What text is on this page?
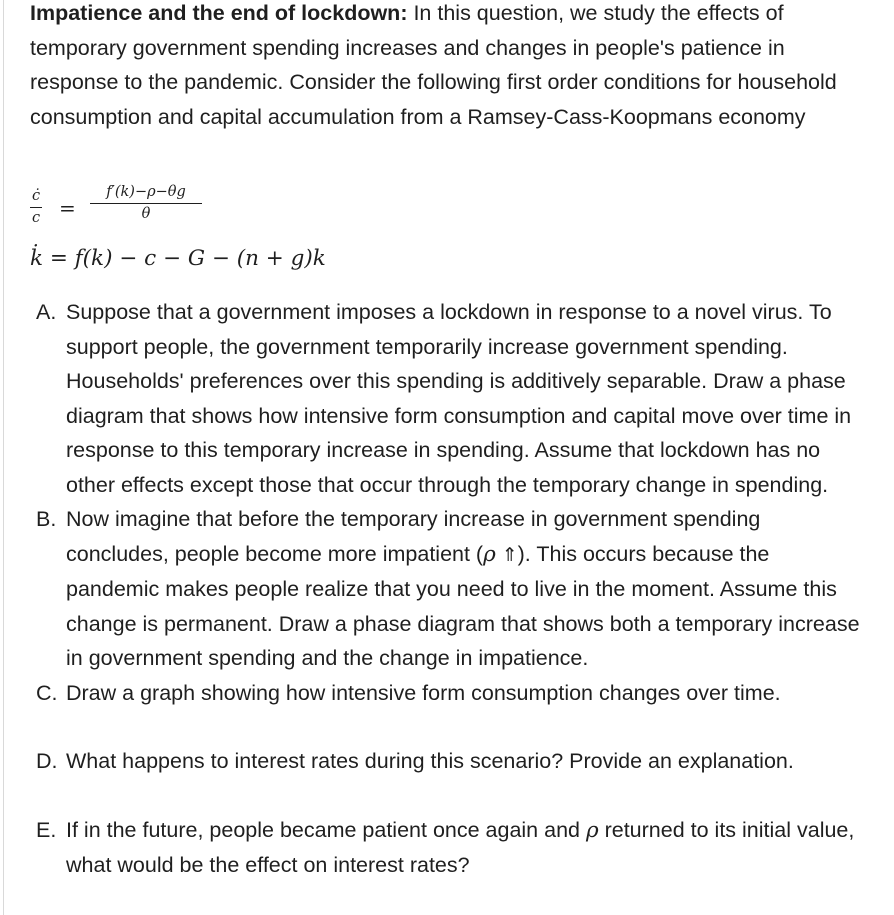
Impatience and the end of lockdown: In this question, we study the effects of temporary government spending increases and changes in people's patience in response to the pandemic. Consider the following first order conditions for household consumption and capital accumulation from a Ramsey-Cass-Koopmans economy
ċ
c =
f′(k)−ρ−θg
θ
k̇ = f(k) − c − G − (n + g)k
A. Suppose that a government imposes a lockdown in response to a novel virus. To support people, the government temporarily increase government spending. Households' preferences over this spending is additively separable. Draw a phase diagram that shows how intensive form consumption and capital move over time in response to this temporary increase in spending. Assume that lockdown has no other effects except those that occur through the temporary change in spending.
B. Now imagine that before the temporary increase in government spending concludes, people become more impatient (ρ ⇑). This occurs because the pandemic makes people realize that you need to live in the moment. Assume this change is permanent. Draw a phase diagram that shows both a temporary increase in government spending and the change in impatience.
C. Draw a graph showing how intensive form consumption changes over time.
D. What happens to interest rates during this scenario? Provide an explanation.
E. If in the future, people became patient once again and ρ returned to its initial value, what would be the effect on interest rates?
